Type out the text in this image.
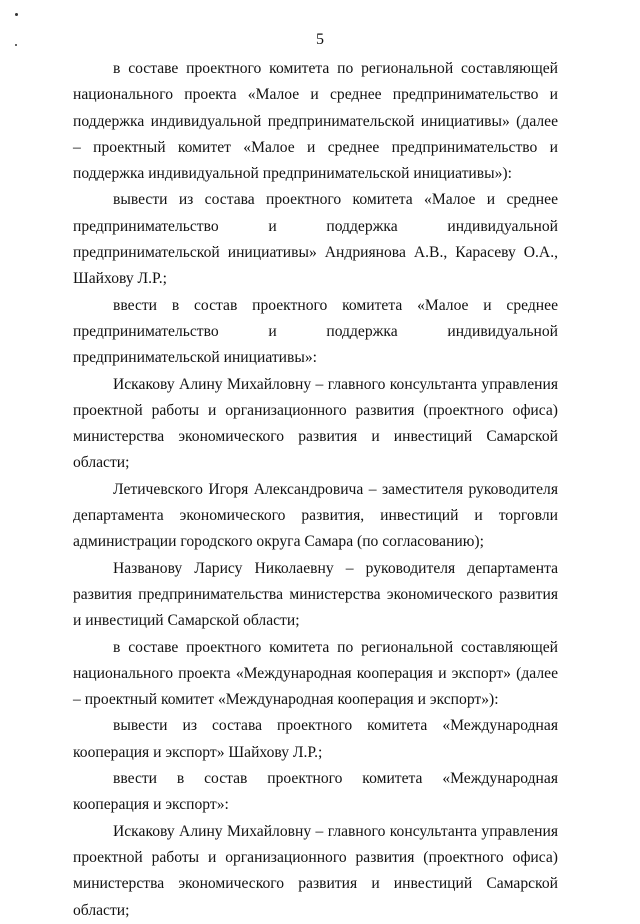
5

в составе проектного комитета по региональной составляющей национального проекта «Малое и среднее предпринимательство и поддержка индивидуальной предпринимательской инициативы» (далее – проектный комитет «Малое и среднее предпринимательство и поддержка индивидуальной предпринимательской инициативы»):

вывести из состава проектного комитета «Малое и среднее предпринимательство и поддержка индивидуальной предпринимательской инициативы» Андриянова А.В., Карасеву О.А., Шайхову Л.Р.;

ввести в состав проектного комитета «Малое и среднее предпринимательство и поддержка индивидуальной предпринимательской инициативы»:

Искакову Алину Михайловну – главного консультанта управления проектной работы и организационного развития (проектного офиса) министерства экономического развития и инвестиций Самарской области;

Летичевского Игоря Александровича – заместителя руководителя департамента экономического развития, инвестиций и торговли администрации городского округа Самара (по согласованию);

Названову Ларису Николаевну – руководителя департамента развития предпринимательства министерства экономического развития и инвестиций Самарской области;

в составе проектного комитета по региональной составляющей национального проекта «Международная кооперация и экспорт» (далее – проектный комитет «Международная кооперация и экспорт»):

вывести из состава проектного комитета «Международная кооперация и экспорт» Шайхову Л.Р.;

ввести в состав проектного комитета «Международная кооперация и экспорт»:

Искакову Алину Михайловну – главного консультанта управления проектной работы и организационного развития (проектного офиса) министерства экономического развития и инвестиций Самарской области;
